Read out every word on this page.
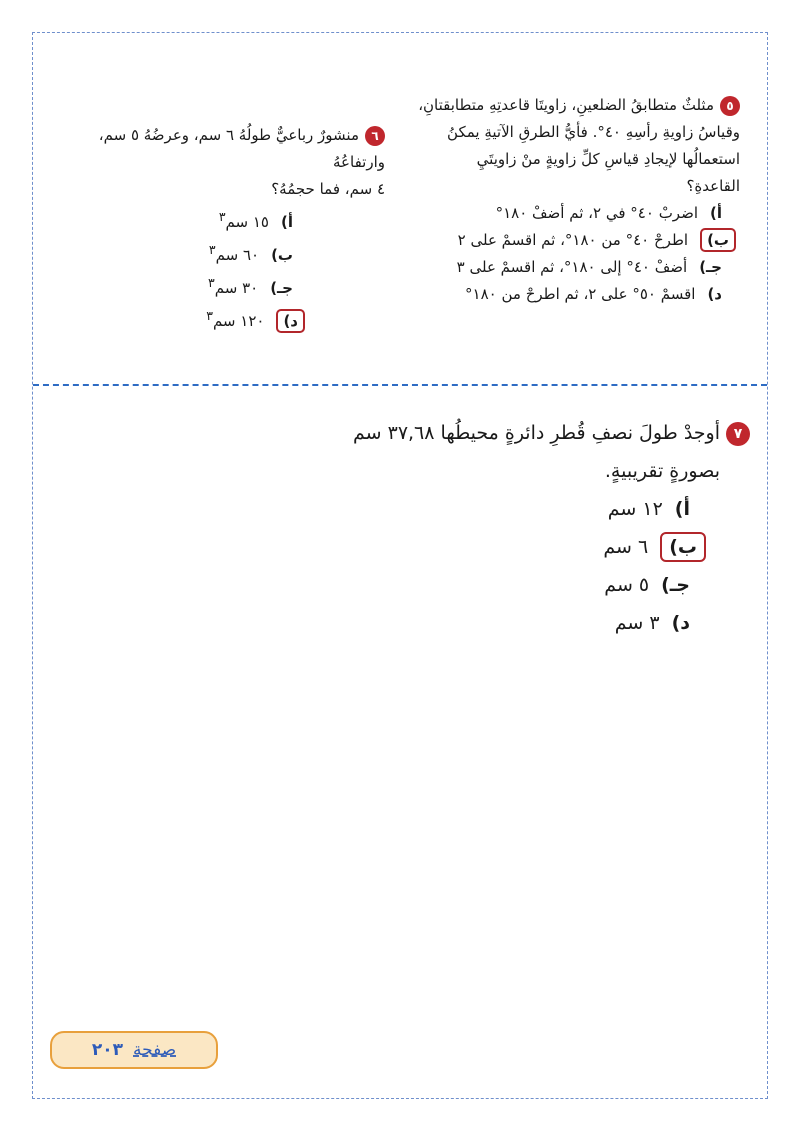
٥مثلثٌ متطابقُ الضلعينِ، زاويتَا قاعدتِهِ متطابقتانِ،
وقياسُ زاويةِ رأسِهِ ٤٠°. فأيُّ الطرقِ الآتيةِ يمكنُ
استعمالُها لإيجادِ قياسِ كلِّ زاويةٍ منْ زاويتَيِ
القاعدةِ؟
أ)اضربْ ٤٠° في ٢، ثم أضفْ ١٨٠°
ب)اطرحْ ٤٠° من ١٨٠°، ثم اقسمْ على ٢
جـ)أضفْ ٤٠° إلى ١٨٠°، ثم اقسمْ على ٣
د)اقسمْ ٥٠° على ٢، ثم اطرحْ من ١٨٠°
٦منشورٌ رباعيٌّ طولُهُ ٦ سم، وعرضُهُ ٥ سم، وارتفاعُهُ
٤ سم، فما حجمُهُ؟
أ)١٥ سم$^٣$
ب)٦٠ سم$^٣$
جـ)٣٠ سم$^٣$
د)١٢٠ سم$^٣$
٧أوجدْ طولَ نصفِ قُطرِ دائرةٍ محيطُها ٣٧,٦٨ سم
بصورةٍ تقريبيةٍ.
أ)١٢ سم
ب)٦ سم
جـ)٥ سم
د)٣ سم
صفحة٢٠٣
